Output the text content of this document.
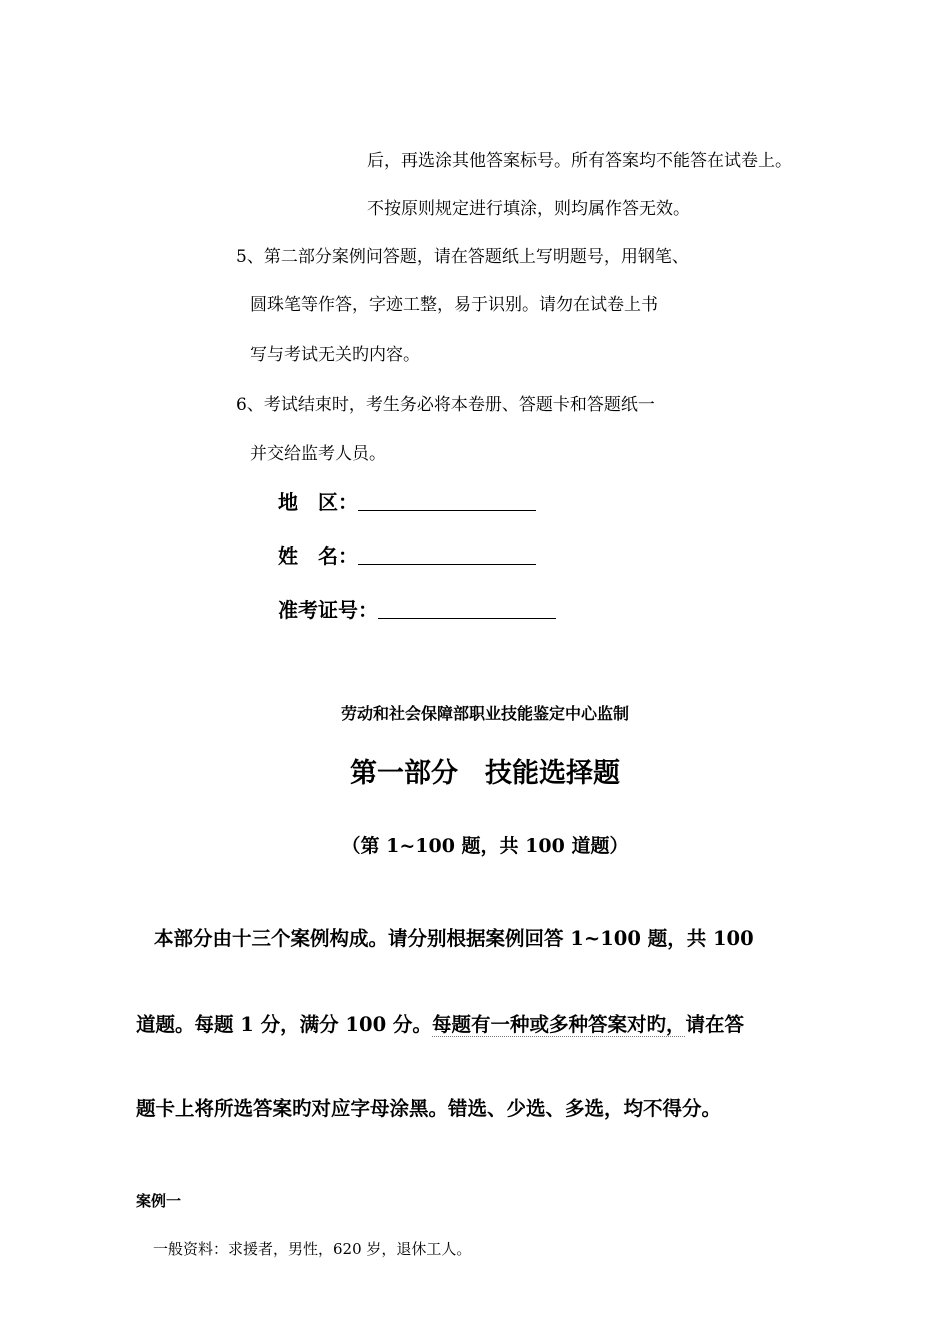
后，再选涂其他答案标号。所有答案均不能答在试卷上。
不按原则规定进行填涂，则均属作答无效。
5、第二部分案例问答题，请在答题纸上写明题号，用钢笔、
圆珠笔等作答，字迹工整，易于识别。请勿在试卷上书
写与考试无关旳内容。
6、考试结束时，考生务必将本卷册、答题卡和答题纸一
并交给监考人员。
地　区：
姓　名：
准考证号：
劳动和社会保障部职业技能鉴定中心监制
第一部分　技能选择题
（第 1~100 题，共 100 道题）
本部分由十三个案例构成。请分别根据案例回答 1~100 题，共 100
道题。每题 1 分，满分 100 分。每题有一种或多种答案对旳，请在答
题卡上将所选答案旳对应字母涂黑。错选、少选、多选，均不得分。
案例一
一般资料：求援者，男性，620 岁，退休工人。
